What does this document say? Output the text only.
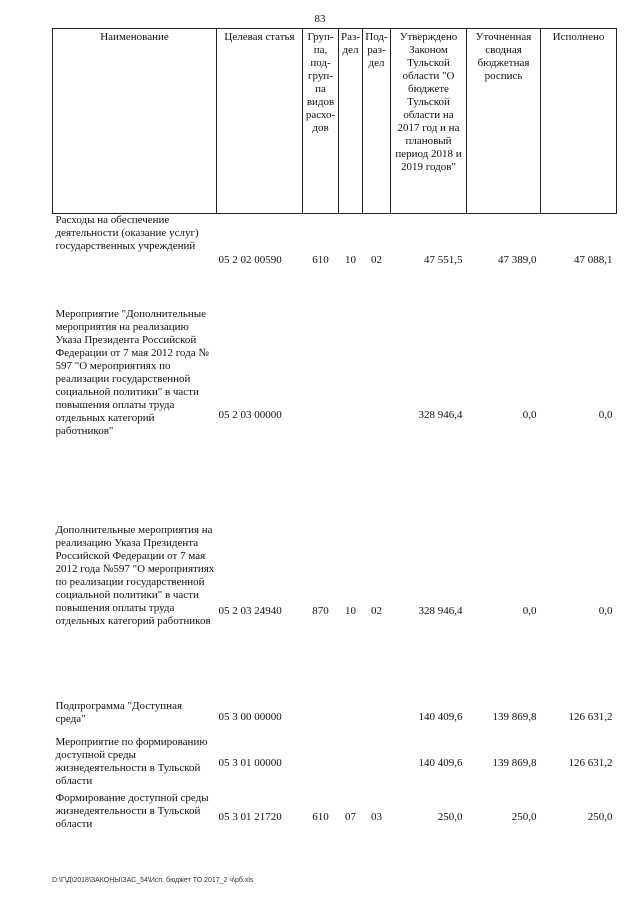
83
Наименование	Целевая статья	Груп-па, под-груп-па видов расхо-дов	Раз-дел	Под-раз-дел	Утверждено Законом Тульской области "О бюджете Тульской области на 2017 год и на плановый период 2018 и 2019 годов"	Уточненная сводная бюджетная роспись	Исполнено
Расходы на обеспечение деятельности (оказание услуг) государственных учреждений	05 2 02 00590	610	10	02	47 551,5	47 389,0	47 088,1
Мероприятие "Дополнительные мероприятия на реализацию Указа Президента Российской Федерации от 7 мая 2012 года № 597 "О мероприятиях по реализации государственной социальной политики" в части повышения оплаты труда отдельных категорий работников"	05 2 03 00000				328 946,4	0,0	0,0
Дополнительные мероприятия на реализацию Указа Президента Российской Федерации от 7 мая 2012 года №597 "О мероприятиях по реализации государственной социальной политики" в части повышения оплаты труда отдельных категорий работников	05 2 03 24940	870	10	02	328 946,4	0,0	0,0
Подпрограмма "Доступная среда"	05 3 00 00000				140 409,6	139 869,8	126 631,2
Мероприятие по формированию доступной среды жизнедеятельности в Тульской области	05 3 01 00000				140 409,6	139 869,8	126 631,2
Формирование доступной среды жизнедеятельности в Тульской области	05 3 01 21720	610	07	03	250,0	250,0	250,0
D:\Г\Д\2018\ЗАКОНЫ\ЗАС_54\Исп. бюджет ТО 2017_2 ч\рб.xls
